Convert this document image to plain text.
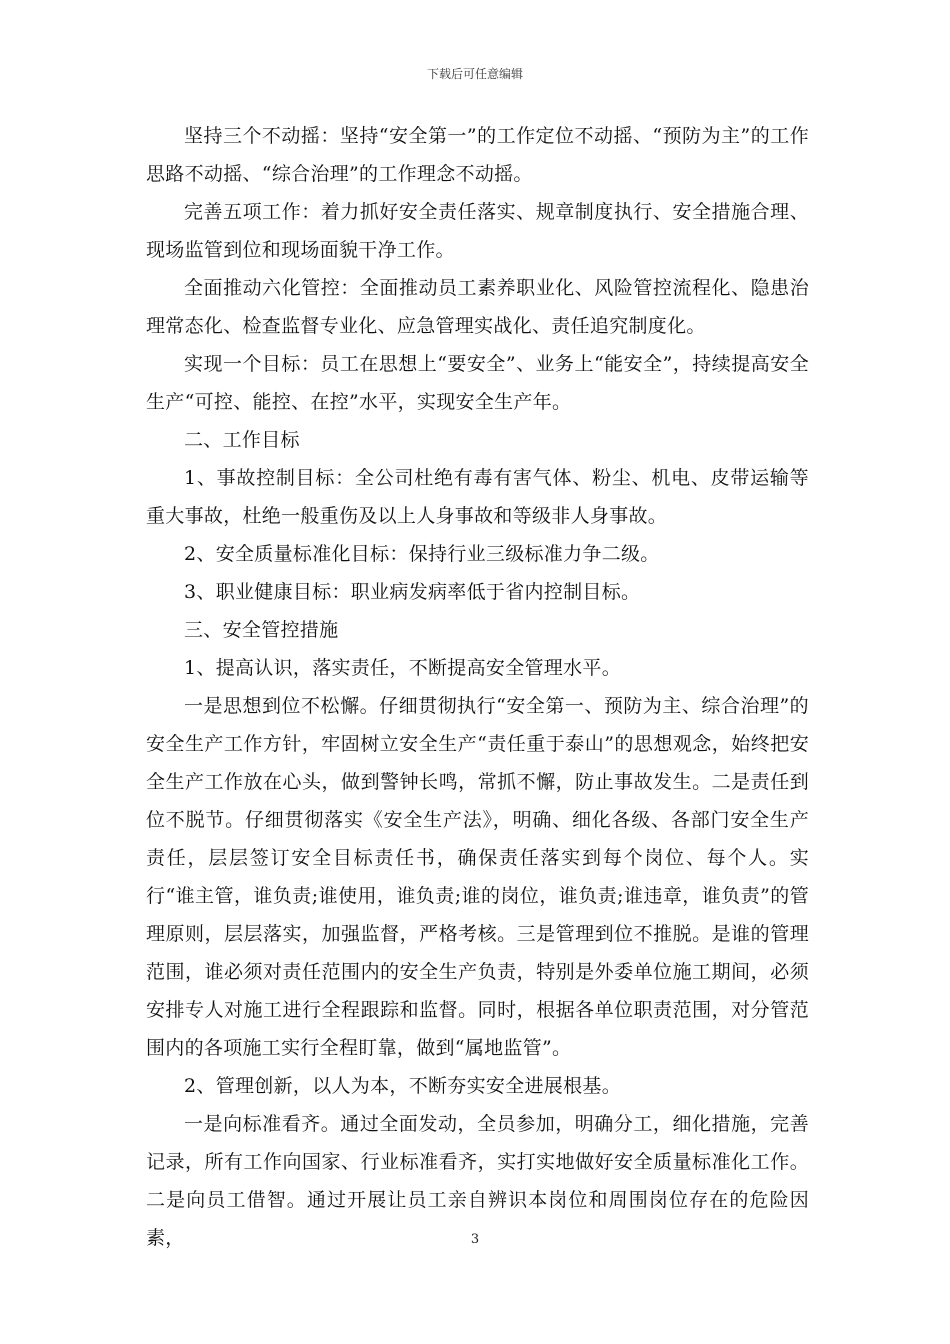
下载后可任意编辑

坚持三个不动摇：坚持“安全第一”的工作定位不动摇、“预防为主”的工作思路不动摇、“综合治理”的工作理念不动摇。

完善五项工作：着力抓好安全责任落实、规章制度执行、安全措施合理、现场监管到位和现场面貌干净工作。

全面推动六化管控：全面推动员工素养职业化、风险管控流程化、隐患治理常态化、检查监督专业化、应急管理实战化、责任追究制度化。

实现一个目标：员工在思想上“要安全”、业务上“能安全”，持续提高安全生产“可控、能控、在控”水平，实现安全生产年。

二、工作目标

1、事故控制目标：全公司杜绝有毒有害气体、粉尘、机电、皮带运输等重大事故，杜绝一般重伤及以上人身事故和等级非人身事故。

2、安全质量标准化目标：保持行业三级标准力争二级。

3、职业健康目标：职业病发病率低于省内控制目标。

三、安全管控措施

1、提高认识，落实责任，不断提高安全管理水平。

一是思想到位不松懈。仔细贯彻执行“安全第一、预防为主、综合治理”的安全生产工作方针，牢固树立安全生产“责任重于泰山”的思想观念，始终把安全生产工作放在心头，做到警钟长鸣，常抓不懈，防止事故发生。二是责任到位不脱节。仔细贯彻落实《安全生产法》，明确、细化各级、各部门安全生产责任，层层签订安全目标责任书，确保责任落实到每个岗位、每个人。实行“谁主管，谁负责;谁使用，谁负责;谁的岗位，谁负责;谁违章，谁负责”的管理原则，层层落实，加强监督，严格考核。三是管理到位不推脱。是谁的管理范围，谁必须对责任范围内的安全生产负责，特别是外委单位施工期间，必须安排专人对施工进行全程跟踪和监督。同时，根据各单位职责范围，对分管范围内的各项施工实行全程盯靠，做到“属地监管”。

2、管理创新，以人为本，不断夯实安全进展根基。

一是向标准看齐。通过全面发动，全员参加，明确分工，细化措施，完善记录，所有工作向国家、行业标准看齐，实打实地做好安全质量标准化工作。二是向员工借智。通过开展让员工亲自辨识本岗位和周围岗位存在的危险因素，	3
